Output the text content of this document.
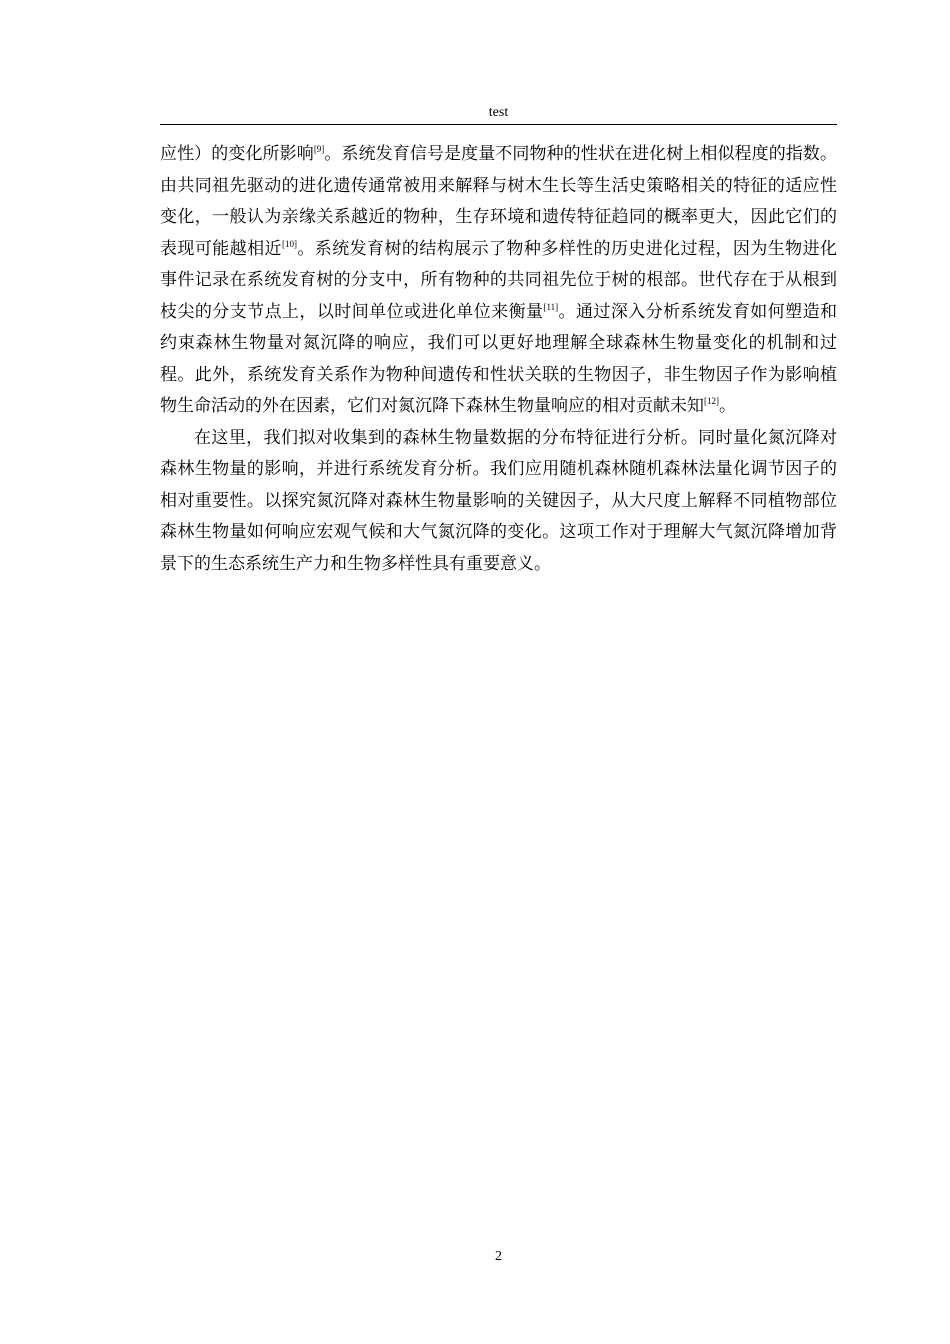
test

应性）的变化所影响[9]。系统发育信号是度量不同物种的性状在进化树上相似程度的指数。由共同祖先驱动的进化遗传通常被用来解释与树木生长等生活史策略相关的特征的适应性变化，一般认为亲缘关系越近的物种，生存环境和遗传特征趋同的概率更大，因此它们的表现可能越相近[10]。系统发育树的结构展示了物种多样性的历史进化过程，因为生物进化事件记录在系统发育树的分支中，所有物种的共同祖先位于树的根部。世代存在于从根到枝尖的分支节点上，以时间单位或进化单位来衡量[11]。通过深入分析系统发育如何塑造和约束森林生物量对氮沉降的响应，我们可以更好地理解全球森林生物量变化的机制和过程。此外，系统发育关系作为物种间遗传和性状关联的生物因子，非生物因子作为影响植物生命活动的外在因素，它们对氮沉降下森林生物量响应的相对贡献未知[12]。

在这里，我们拟对收集到的森林生物量数据的分布特征进行分析。同时量化氮沉降对森林生物量的影响，并进行系统发育分析。我们应用随机森林随机森林法量化调节因子的相对重要性。以探究氮沉降对森林生物量影响的关键因子，从大尺度上解释不同植物部位森林生物量如何响应宏观气候和大气氮沉降的变化。这项工作对于理解大气氮沉降增加背景下的生态系统生产力和生物多样性具有重要意义。

2
